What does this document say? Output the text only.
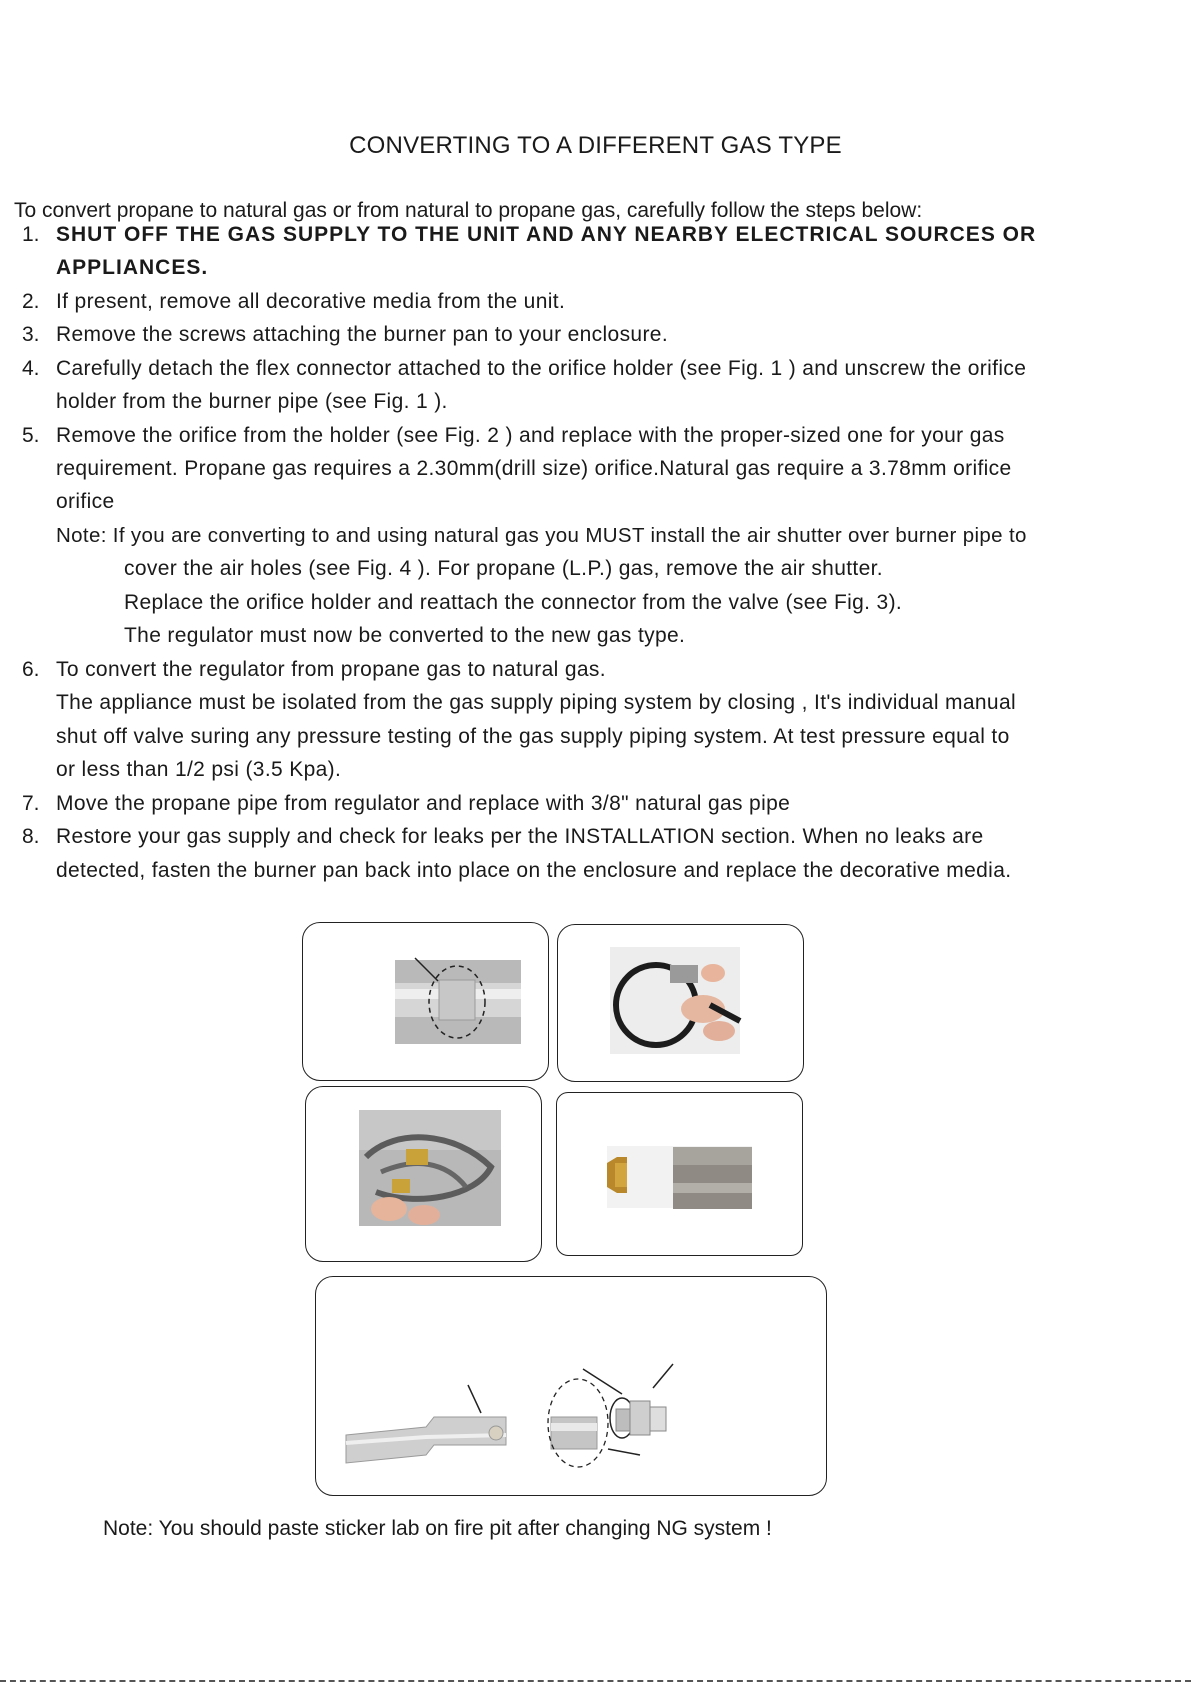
CONVERTING TO A DIFFERENT GAS TYPE
To convert propane to natural gas or from natural to propane gas, carefully follow the steps below:
1. SHUT OFF THE GAS SUPPLY TO THE UNIT AND ANY NEARBY ELECTRICAL SOURCES OR
APPLIANCES.
2. If present, remove all decorative media from the unit.
3. Remove the screws attaching the burner pan to your enclosure.
4. Carefully detach the flex connector attached to the orifice holder (see Fig. 1 ) and unscrew the orifice
holder from the burner pipe (see Fig. 1 ).
5. Remove the orifice from the holder (see Fig. 2 ) and replace with the proper-sized one for your gas
requirement. Propane gas requires a 2.30mm(drill size) orifice.Natural gas require a 3.78mm orifice
orifice
Note: If you are converting to and using natural gas you MUST install the air shutter over burner pipe to
cover the air holes (see Fig. 4 ). For propane (L.P.) gas, remove the air shutter.
Replace the orifice holder and reattach the connector from the valve (see Fig. 3).
The regulator must now be converted to the new gas type.
6. To convert the regulator from propane gas to natural gas.
The appliance must be isolated from the gas supply piping system by closing , It's individual manual
shut off valve suring any pressure testing of the gas supply piping system. At test pressure equal to
or less than 1/2 psi (3.5 Kpa).
7. Move the propane pipe from regulator and replace with 3/8" natural gas pipe
8. Restore your gas supply and check for leaks per the INSTALLATION section. When no leaks are
detected, fasten the burner pan back into place on the enclosure and replace the decorative media.
Note: You should paste sticker lab on fire pit after changing NG system !
